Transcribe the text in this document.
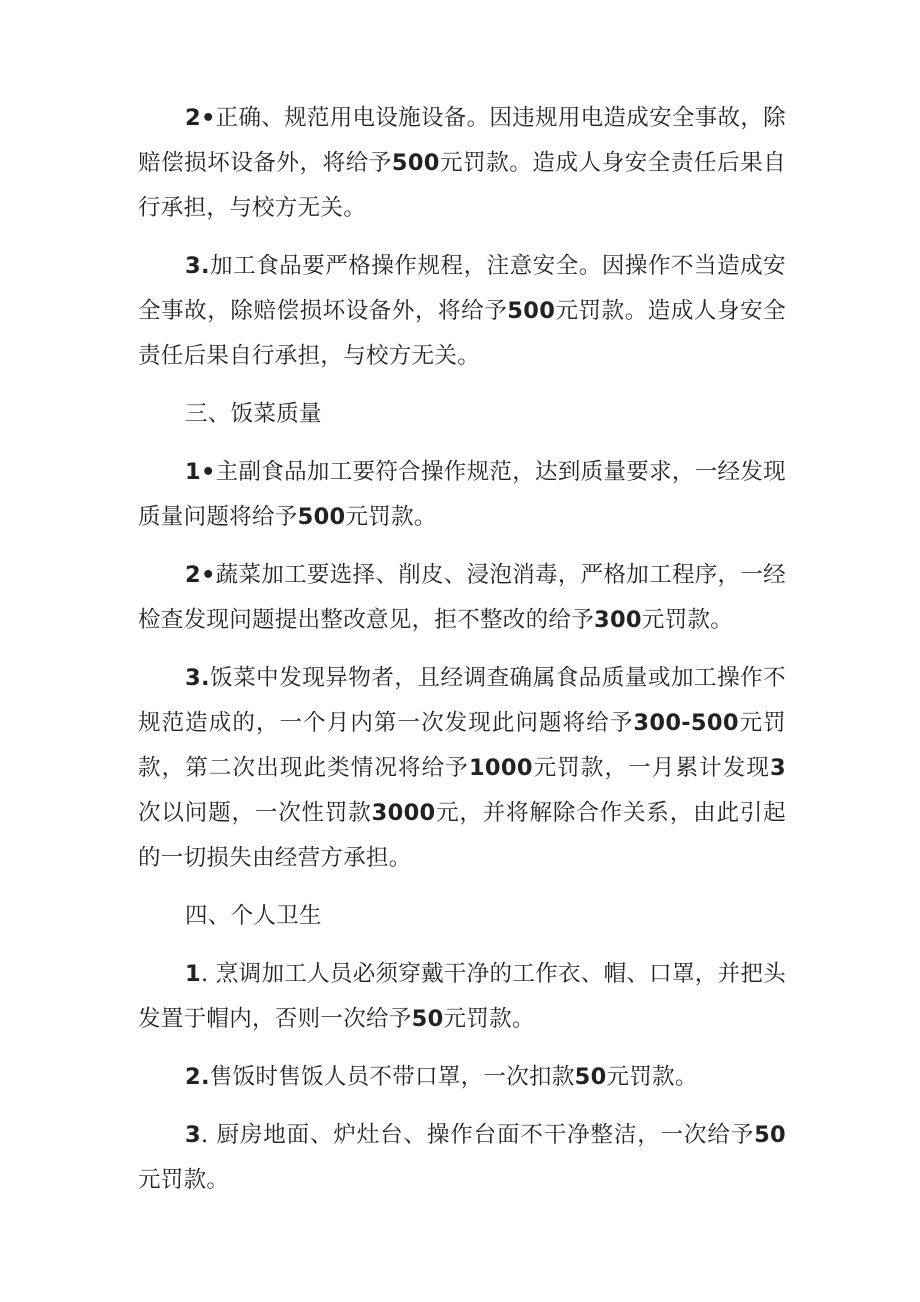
2•正确、规范用电设施设备。因违规用电造成安全事故，除赔偿损坏设备外，将给予500元罚款。造成人身安全责任后果自行承担，与校方无关。

3.加工食品要严格操作规程，注意安全。因操作不当造成安全事故，除赔偿损坏设备外，将给予500元罚款。造成人身安全责任后果自行承担，与校方无关。

三、饭菜质量

1•主副食品加工要符合操作规范，达到质量要求，一经发现质量问题将给予500元罚款。

2•蔬菜加工要选择、削皮、浸泡消毒，严格加工程序，一经检查发现问题提出整改意见，拒不整改的给予300元罚款。

3.饭菜中发现异物者，且经调查确属食品质量或加工操作不规范造成的，一个月内第一次发现此问题将给予300-500元罚款，第二次出现此类情况将给予1000元罚款，一月累计发现3次以问题，一次性罚款3000元，并将解除合作关系，由此引起的一切损失由经营方承担。

四、个人卫生

1. 烹调加工人员必须穿戴干净的工作衣、帽、口罩，并把头发置于帽内，否则一次给予50元罚款。

2.售饭时售饭人员不带口罩，一次扣款50元罚款。

3. 厨房地面、炉灶台、操作台面不干净整洁，一次给予50元罚款。
